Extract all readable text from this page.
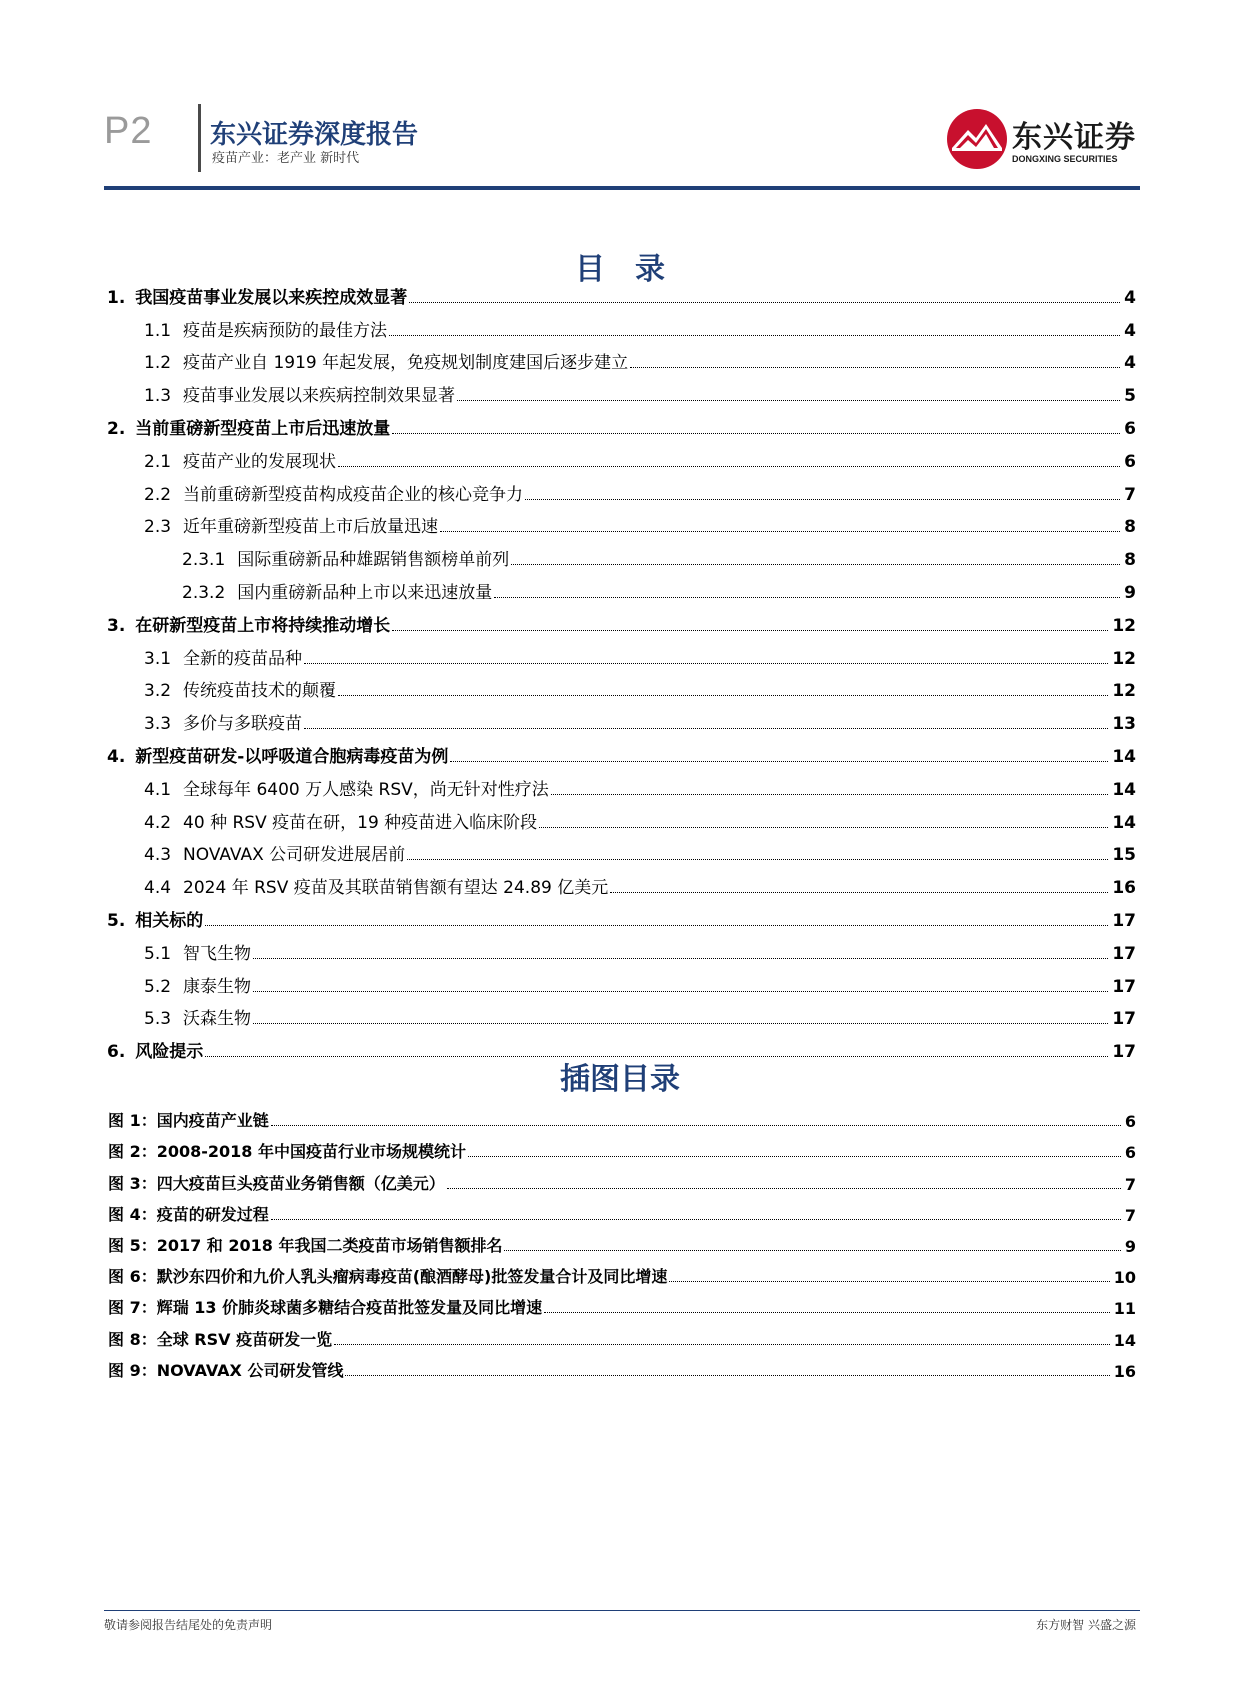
P2 东兴证券深度报告
疫苗产业：老产业 新时代
东兴证券
DONGXING SECURITIES
目　录
1. 我国疫苗事业发展以来疾控成效显著	4
1.1 疫苗是疾病预防的最佳方法	4
1.2 疫苗产业自 1919 年起发展，免疫规划制度建国后逐步建立	4
1.3 疫苗事业发展以来疾病控制效果显著	5
2. 当前重磅新型疫苗上市后迅速放量	6
2.1 疫苗产业的发展现状	6
2.2 当前重磅新型疫苗构成疫苗企业的核心竞争力	7
2.3 近年重磅新型疫苗上市后放量迅速	8
2.3.1 国际重磅新品种雄踞销售额榜单前列	8
2.3.2 国内重磅新品种上市以来迅速放量	9
3. 在研新型疫苗上市将持续推动增长	12
3.1 全新的疫苗品种	12
3.2 传统疫苗技术的颠覆	12
3.3 多价与多联疫苗	13
4. 新型疫苗研发-以呼吸道合胞病毒疫苗为例	14
4.1 全球每年 6400 万人感染 RSV，尚无针对性疗法	14
4.2 40 种 RSV 疫苗在研，19 种疫苗进入临床阶段	14
4.3 NOVAVAX 公司研发进展居前	15
4.4 2024 年 RSV 疫苗及其联苗销售额有望达 24.89 亿美元	16
5. 相关标的	17
5.1 智飞生物	17
5.2 康泰生物	17
5.3 沃森生物	17
6. 风险提示	17
插图目录
图 1：国内疫苗产业链	6
图 2：2008-2018 年中国疫苗行业市场规模统计	6
图 3：四大疫苗巨头疫苗业务销售额（亿美元）	7
图 4：疫苗的研发过程	7
图 5：2017 和 2018 年我国二类疫苗市场销售额排名	9
图 6：默沙东四价和九价人乳头瘤病毒疫苗(酿酒酵母)批签发量合计及同比增速	10
图 7：辉瑞 13 价肺炎球菌多糖结合疫苗批签发量及同比增速	11
图 8：全球 RSV 疫苗研发一览	14
图 9：NOVAVAX 公司研发管线	16
敬请参阅报告结尾处的免责声明	东方财智 兴盛之源
